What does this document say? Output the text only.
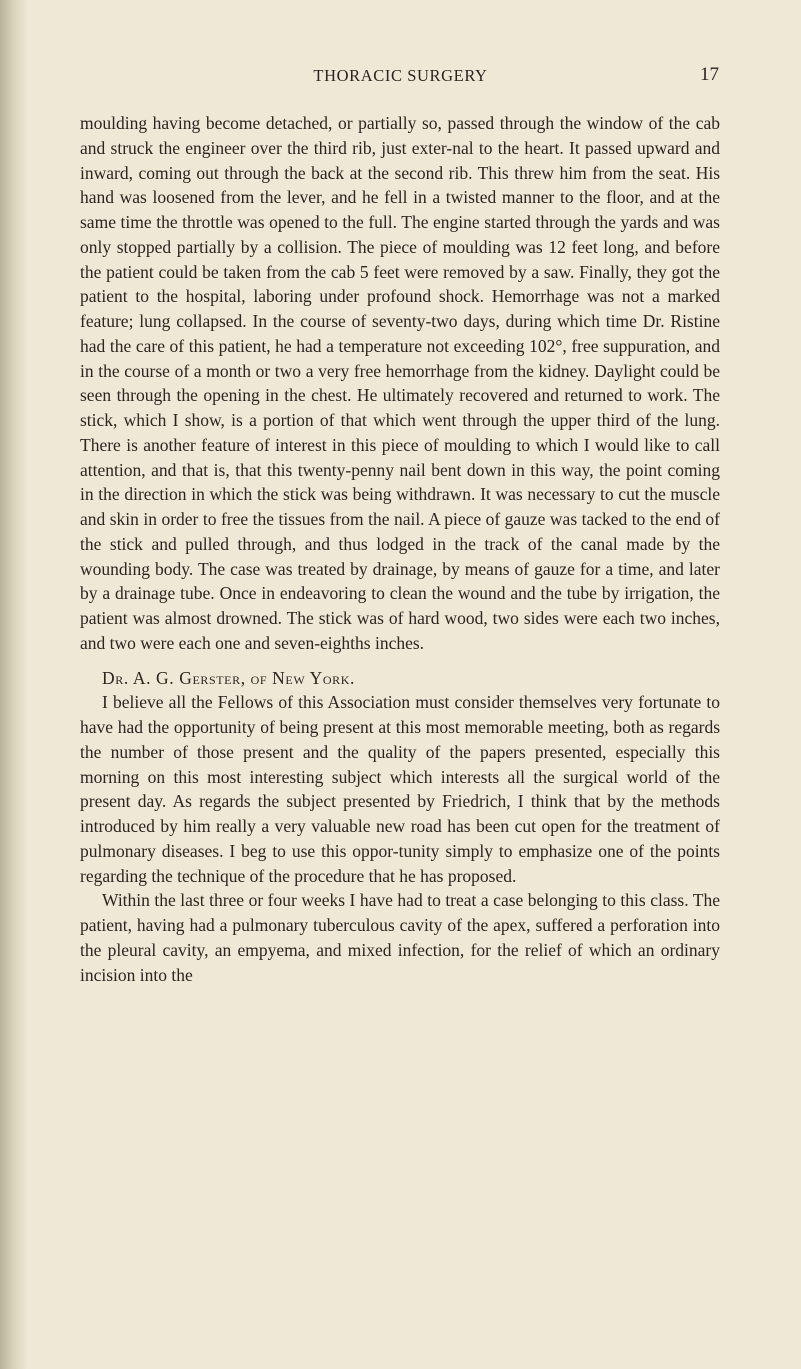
THORACIC SURGERY	17

moulding having become detached, or partially so, passed through the window of the cab and struck the engineer over the third rib, just exter-nal to the heart. It passed upward and inward, coming out through the back at the second rib. This threw him from the seat. His hand was loosened from the lever, and he fell in a twisted manner to the floor, and at the same time the throttle was opened to the full. The engine started through the yards and was only stopped partially by a collision. The piece of moulding was 12 feet long, and before the patient could be taken from the cab 5 feet were removed by a saw. Finally, they got the patient to the hospital, laboring under profound shock. Hemorrhage was not a marked feature; lung collapsed. In the course of seventy-two days, during which time Dr. Ristine had the care of this patient, he had a temperature not exceeding 102°, free suppuration, and in the course of a month or two a very free hemorrhage from the kidney. Daylight could be seen through the opening in the chest. He ultimately recovered and returned to work. The stick, which I show, is a portion of that which went through the upper third of the lung. There is another feature of interest in this piece of moulding to which I would like to call attention, and that is, that this twenty-penny nail bent down in this way, the point coming in the direction in which the stick was being withdrawn. It was necessary to cut the muscle and skin in order to free the tissues from the nail. A piece of gauze was tacked to the end of the stick and pulled through, and thus lodged in the track of the canal made by the wounding body. The case was treated by drainage, by means of gauze for a time, and later by a drainage tube. Once in endeavoring to clean the wound and the tube by irrigation, the patient was almost drowned. The stick was of hard wood, two sides were each two inches, and two were each one and seven-eighths inches.

Dr. A. G. Gerster, of New York.

I believe all the Fellows of this Association must consider themselves very fortunate to have had the opportunity of being present at this most memorable meeting, both as regards the number of those present and the quality of the papers presented, especially this morning on this most interesting subject which interests all the surgical world of the present day. As regards the subject presented by Friedrich, I think that by the methods introduced by him really a very valuable new road has been cut open for the treatment of pulmonary diseases. I beg to use this oppor-tunity simply to emphasize one of the points regarding the technique of the procedure that he has proposed.

Within the last three or four weeks I have had to treat a case belonging to this class. The patient, having had a pulmonary tuberculous cavity of the apex, suffered a perforation into the pleural cavity, an empyema, and mixed infection, for the relief of which an ordinary incision into the
